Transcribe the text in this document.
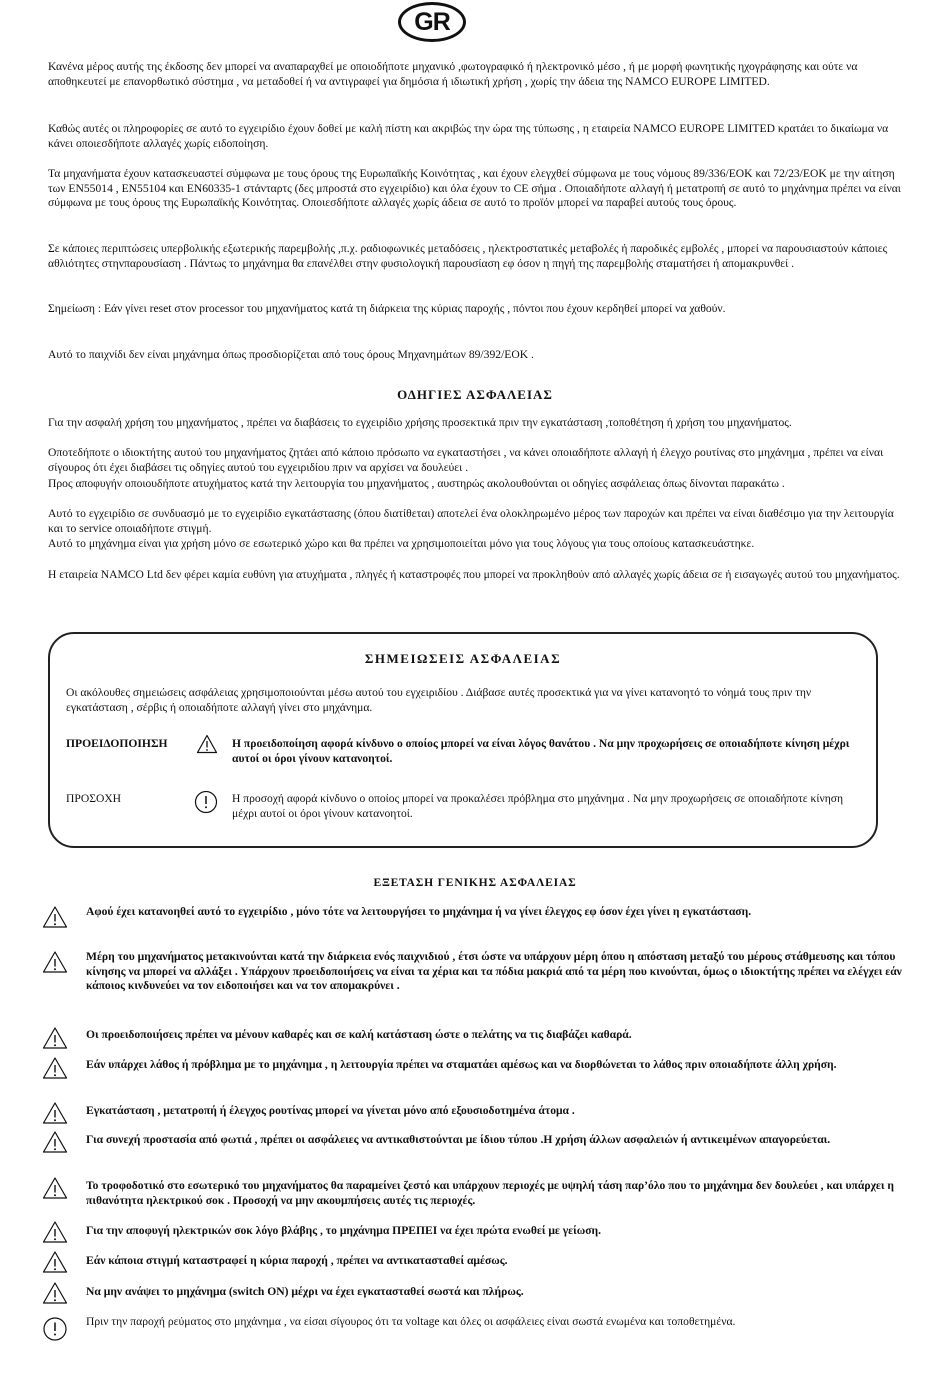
GR

Κανένα μέρος αυτής της έκδοσης δεν μπορεί να αναπαραχθεί με οποιοδήποτε μηχανικό ,φωτογραφικό ή ηλεκτρονικό μέσο , ή με μορφή φωνητικής ηχογράφησης και ούτε να αποθηκευτεί με επανορθωτικό σύστημα , να μεταδοθεί ή να αντιγραφεί για δημόσια ή ιδιωτική χρήση , χωρίς την άδεια της NAMCO EUROPE LIMITED.

Καθώς αυτές οι πληροφορίες σε αυτό το εγχειρίδιο έχουν δοθεί με καλή πίστη και ακριβώς την ώρα της τύπωσης , η εταιρεία NAMCO EUROPE LIMITED κρατάει το δικαίωμα να κάνει οποιεσδήποτε αλλαγές χωρίς ειδοποίηση.

Τα μηχανήματα έχουν κατασκευαστεί σύμφωνα με τους όρους της Ευρωπαϊκής Κοινότητας , και έχουν ελεγχθεί σύμφωνα με τους νόμους 89/336/ΕΟΚ και 72/23/ΕΟΚ με την αίτηση των EN55014 , EN55104 και EN60335-1 στάνταρτς (δες μπροστά στο εγχειρίδιο) και όλα έχουν το CE σήμα . Οποιαδήποτε αλλαγή ή μετατροπή σε αυτό το μηχάνημα πρέπει να είναι σύμφωνα με τους όρους της Ευρωπαϊκής Κοινότητας. Οποιεσδήποτε αλλαγές χωρίς άδεια σε αυτό το προϊόν μπορεί να παραβεί αυτούς τους όρους.

Σε κάποιες περιπτώσεις υπερβολικής εξωτερικής παρεμβολής ,π.χ. ραδιοφωνικές μεταδόσεις , ηλεκτροστατικές μεταβολές ή παροδικές εμβολές , μπορεί να παρουσιαστούν κάποιες αθλιότητες στηνπαρουσίαση . Πάντως το μηχάνημα θα επανέλθει στην φυσιολογική παρουσίαση εφ όσον η πηγή της παρεμβολής σταματήσει ή απομακρυνθεί .

Σημείωση : Εάν γίνει reset στον processor του μηχανήματος κατά τη διάρκεια της κύριας παροχής , πόντοι που έχουν κερδηθεί μπορεί να χαθούν.

Αυτό το παιχνίδι δεν είναι μηχάνημα όπως προσδιορίζεται από τους όρους Μηχανημάτων 89/392/ΕΟΚ .

ΟΔΗΓΙΕΣ ΑΣΦΑΛΕΙΑΣ

Για την ασφαλή χρήση του μηχανήματος , πρέπει να διαβάσεις το εγχειρίδιο χρήσης προσεκτικά πριν την εγκατάσταση ,τοποθέτηση ή χρήση του μηχανήματος.

Οποτεδήποτε ο ιδιοκτήτης αυτού του μηχανήματος ζητάει από κάποιο πρόσωπο να εγκαταστήσει , να κάνει οποιαδήποτε αλλαγή ή έλεγχο ρουτίνας στο μηχάνημα , πρέπει να είναι σίγουρος ότι έχει διαβάσει τις οδηγίες αυτού του εγχειριδίου πριν να αρχίσει να δουλεύει .

Προς αποφυγήν οποιουδήποτε ατυχήματος κατά την λειτουργία του μηχανήματος , αυστηρώς ακολουθούνται οι οδηγίες ασφάλειας όπως δίνονται παρακάτω .

Αυτό το εγχειρίδιο σε συνδυασμό με το εγχειρίδιο εγκατάστασης (όπου διατίθεται) αποτελεί ένα ολοκληρωμένο μέρος των παροχών και πρέπει να είναι διαθέσιμο για την λειτουργία και το service οποιαδήποτε στιγμή.

Αυτό το μηχάνημα είναι για χρήση μόνο σε εσωτερικό χώρο και θα πρέπει να χρησιμοποιείται μόνο για τους λόγους για τους οποίους κατασκευάστηκε.

Η εταιρεία NAMCO Ltd δεν φέρει καμία ευθύνη για ατυχήματα , πληγές ή καταστροφές που μπορεί να προκληθούν από αλλαγές χωρίς άδεια σε ή εισαγωγές αυτού του μηχανήματος.

ΣΗΜΕΙΩΣΕΙΣ ΑΣΦΑΛΕΙΑΣ

Οι ακόλουθες σημειώσεις ασφάλειας χρησιμοποιούνται μέσω αυτού του εγχειριδίου . Διάβασε αυτές προσεκτικά για να γίνει κατανοητό το νόημά τους πριν την εγκατάσταση , σέρβις ή οποιαδήποτε αλλαγή γίνει στο μηχάνημα.

ΠΡΟΕΙΔΟΠΟΙΗΣΗ	Η προειδοποίηση αφορά κίνδυνο ο οποίος μπορεί να είναι λόγος θανάτου . Να μην προχωρήσεις σε οποιαδήποτε κίνηση μέχρι αυτοί οι όροι γίνουν κατανοητοί.

ΠΡΟΣΟΧΗ	Η προσοχή αφορά κίνδυνο ο οποίος μπορεί να προκαλέσει πρόβλημα στο μηχάνημα . Να μην προχωρήσεις σε οποιαδήποτε κίνηση μέχρι αυτοί οι όροι γίνουν κατανοητοί.

ΕΞΕΤΑΣΗ ΓΕΝΙΚΗΣ ΑΣΦΑΛΕΙΑΣ

Αφού έχει κατανοηθεί αυτό το εγχειρίδιο , μόνο τότε να λειτουργήσει το μηχάνημα ή να γίνει έλεγχος εφ όσον έχει γίνει η εγκατάσταση.

Μέρη του μηχανήματος μετακινούνται κατά την διάρκεια ενός παιχνιδιού , έτσι ώστε να υπάρχουν μέρη όπου η απόσταση μεταξύ του μέρους στάθμευσης και τόπου κίνησης να μπορεί να αλλάξει . Υπάρχουν προειδοποιήσεις να είναι τα χέρια και τα πόδια μακριά από τα μέρη που κινούνται, όμως ο ιδιοκτήτης πρέπει να ελέγχει εάν κάποιος κινδυνεύει να τον ειδοποιήσει και να τον απομακρύνει .

Οι προειδοποιήσεις πρέπει να μένουν καθαρές και σε καλή κατάσταση ώστε ο πελάτης να τις διαβάζει καθαρά.

Εάν υπάρχει λάθος ή πρόβλημα με το μηχάνημα , η λειτουργία πρέπει να σταματάει αμέσως και να διορθώνεται το λάθος πριν οποιαδήποτε άλλη χρήση.

Εγκατάσταση , μετατροπή ή έλεγχος ρουτίνας μπορεί να γίνεται μόνο από εξουσιοδοτημένα άτομα .

Για συνεχή προστασία από φωτιά , πρέπει οι ασφάλειες να αντικαθιστούνται με ίδιου τύπου .Η χρήση άλλων ασφαλειών ή αντικειμένων απαγορεύεται.

Το τροφοδοτικό στο εσωτερικό του μηχανήματος θα παραμείνει ζεστό και υπάρχουν περιοχές με υψηλή τάση παρ’όλο που το μηχάνημα δεν δουλεύει , και υπάρχει η πιθανότητα ηλεκτρικού σοκ . Προσοχή να μην ακουμπήσεις αυτές τις περιοχές.

Για την αποφυγή ηλεκτρικών σοκ λόγο βλάβης , το μηχάνημα ΠΡΕΠΕΙ να έχει πρώτα ενωθεί με γείωση.

Εάν κάποια στιγμή καταστραφεί η κύρια παροχή , πρέπει να αντικατασταθεί αμέσως.

Να μην ανάψει το μηχάνημα (switch ON) μέχρι να έχει εγκατασταθεί σωστά και πλήρως.

Πριν την παροχή ρεύματος στο μηχάνημα , να είσαι σίγουρος ότι τα voltage και όλες οι ασφάλειες είναι σωστά ενωμένα και τοποθετημένα.
